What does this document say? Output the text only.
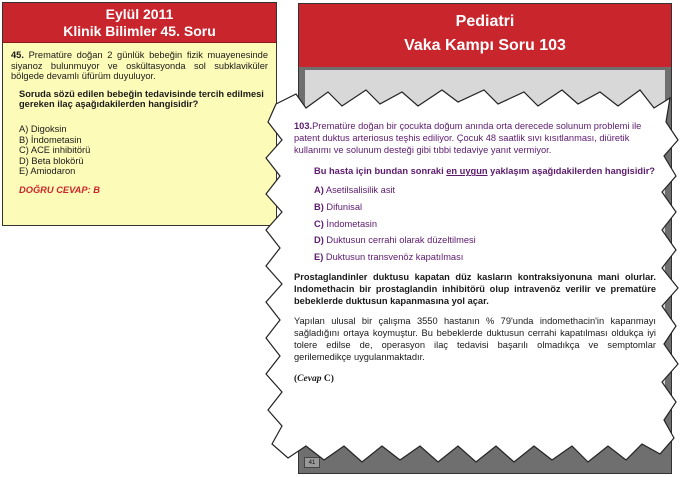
Eylül 2011
Klinik Bilimler 45. Soru

45. Prematüre doğan 2 günlük bebeğin fizik muayenesinde siyanoz bulunmuyor ve oskültasyonda sol subklaviküler bölgede devamlı üfürüm duyuluyor.

Soruda sözü edilen bebeğin tedavisinde tercih edilmesi gereken ilaç aşağıdakilerden hangisidir?

A) Digoksin
B) İndometasin
C) ACE inhibitörü
D) Beta blokörü
E) Amiodaron
DOĞRU CEVAP: B
Pediatri
Vaka Kampı Soru 103
41

103.Prematüre doğan bir çocukta doğum anında orta derecede solunum problemi ile patent duktus arteriosus teşhis ediliyor. Çocuk 48 saatlik sıvı kısıtlanması, diüretik kullanımı ve solunum desteği gibi tıbbi tedaviye yanıt vermiyor.

Bu hasta için bundan sonraki en uygun yaklaşım aşağıdakilerden hangisidir?

A) Asetilsalisilik asit
B) Difunisal
C) İndometasin
D) Duktusun cerrahi olarak düzeltilmesi
E) Duktusun transvenöz kapatılması

Prostaglandinler duktusu kapatan düz kasların kontraksiyonuna mani olurlar. Indomethacin bir prostaglandin inhibitörü olup intravenöz verilir ve prematüre bebeklerde duktusun kapanmasına yol açar.

Yapılan ulusal bir çalışma 3550 hastanın % 79'unda indomethacin'in kapanmayı sağladığını ortaya koymuştur. Bu bebeklerde duktusun cerrahi kapatılması oldukça iyi tolere edilse de, operasyon ilaç tedavisi başarılı olmadıkça ve semptomlar gerilemedikçe uygulanmaktadır.

(Cevap C)
